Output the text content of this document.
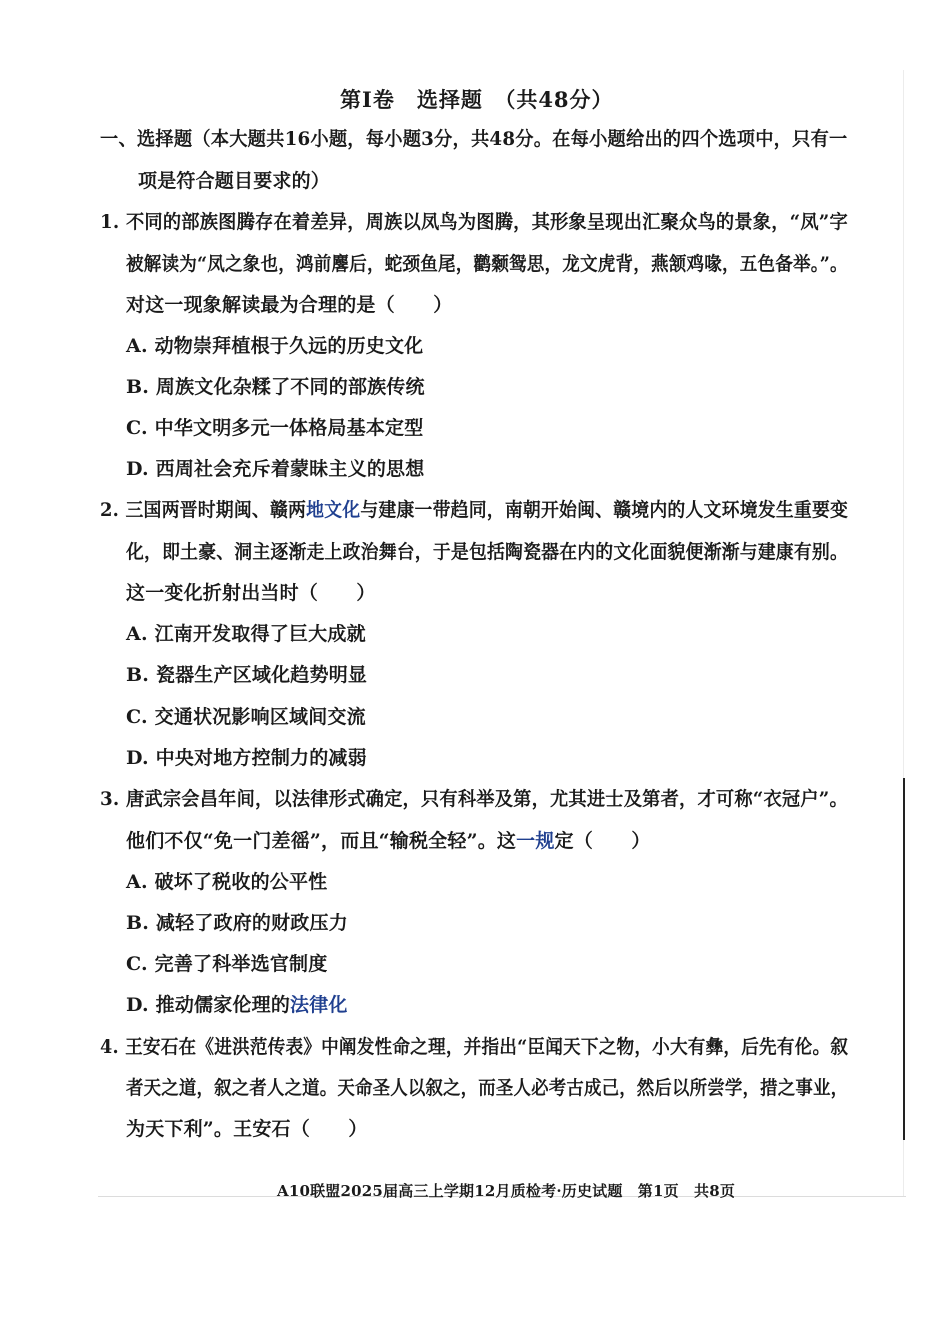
第Ⅰ卷　选择题　（共48分）
一、选择题（本大题共16小题，每小题3分，共48分。在每小题给出的四个选项中，只有一
项是符合题目要求的）
1. 不同的部族图腾存在着差异，周族以凤鸟为图腾，其形象呈现出汇聚众鸟的景象，“凤”字
被解读为“凤之象也，鸿前麐后，蛇颈鱼尾，鹳颡鸳思，龙文虎背，燕颔鸡喙，五色备举。”。
对这一现象解读最为合理的是（　　）
A. 动物崇拜植根于久远的历史文化
B. 周族文化杂糅了不同的部族传统
C. 中华文明多元一体格局基本定型
D. 西周社会充斥着蒙昧主义的思想
2. 三国两晋时期闽、赣两地文化与建康一带趋同，南朝开始闽、赣境内的人文环境发生重要变
化，即土豪、洞主逐渐走上政治舞台，于是包括陶瓷器在内的文化面貌便渐渐与建康有别。
这一变化折射出当时（　　）
A. 江南开发取得了巨大成就
B. 瓷器生产区域化趋势明显
C. 交通状况影响区域间交流
D. 中央对地方控制力的减弱
3. 唐武宗会昌年间，以法律形式确定，只有科举及第，尤其进士及第者，才可称“衣冠户”。
他们不仅“免一门差徭”，而且“输税全轻”。这一规定（　　）
A. 破坏了税收的公平性
B. 减轻了政府的财政压力
C. 完善了科举选官制度
D. 推动儒家伦理的法律化
4. 王安石在《进洪范传表》中阐发性命之理，并指出“臣闻天下之物，小大有彝，后先有伦。叙
者天之道，叙之者人之道。天命圣人以叙之，而圣人必考古成己，然后以所尝学，措之事业，
为天下利”。王安石（　　）
A10联盟2025届高三上学期12月质检考·历史试题　第1页　共8页
